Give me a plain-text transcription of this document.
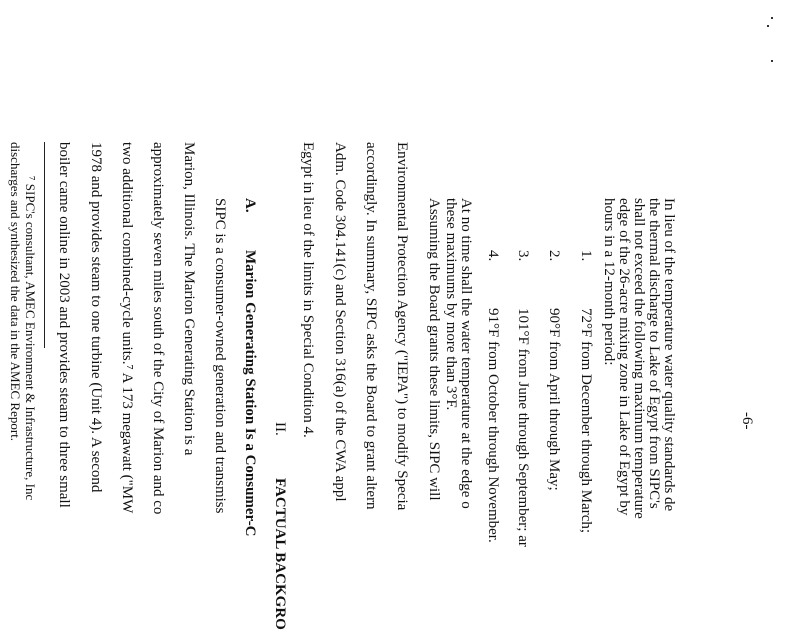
In lieu of the temperature water quality standards de
the thermal discharge to Lake of Egypt from SIPC's
shall not exceed the following maximum temperature
edge of the 26-acre mixing zone in Lake of Egypt by
hours in a 12-month period:
1.
72°F from December through March;
2.
90°F from April through May;
3.
101°F from June through September; ar
4.
91°F from October through November.
At no time shall the water temperature at the edge o
these maximums by more than 3°F.
Assuming the Board grants these limits, SIPC will
Environmental Protection Agency ("IEPA") to modify Specia
accordingly. In summary, SIPC asks the Board to grant altern
Adm. Code 304.141(c) and Section 316(a) of the CWA appl
Egypt in lieu of the limits in Special Condition 4.
II.
FACTUAL BACKGRO
A.
Marion Generating Station Is a Consumer-C
SIPC is a consumer-owned generation and transmiss
Marion, Illinois. The Marion Generating Station is a
approximately seven miles south of the City of Marion and co
two additional combined-cycle units.⁷ A 173 megawatt ("MW
1978 and provides steam to one turbine (Unit 4). A second
boiler came online in 2003 and provides steam to three small
⁷ SIPC's consultant, AMEC Environment & Infrastructure, Inc
discharges and synthesized the data in the AMEC Report.	-6-
